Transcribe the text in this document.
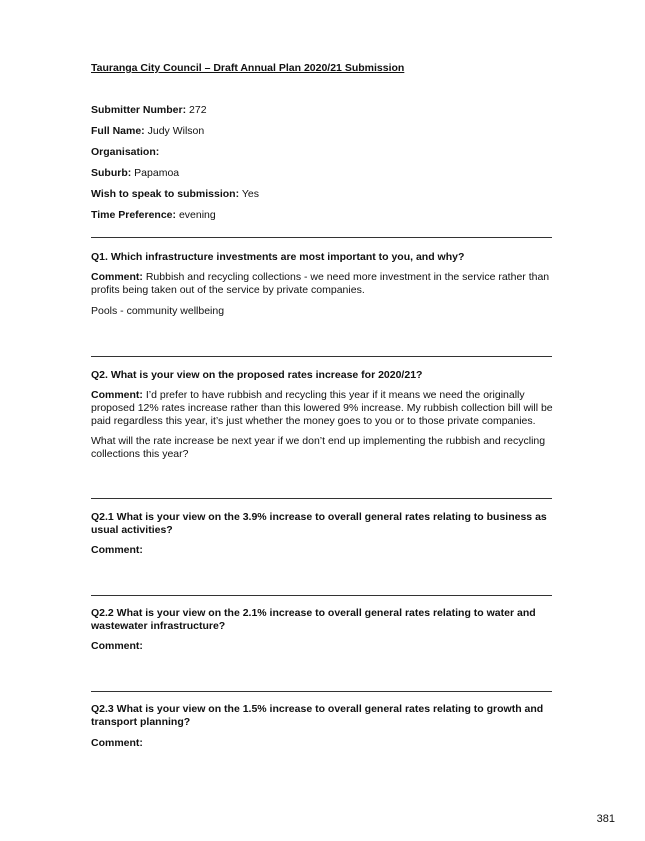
Tauranga City Council – Draft Annual Plan 2020/21 Submission
Submitter Number: 272
Full Name: Judy Wilson
Organisation:
Suburb: Papamoa
Wish to speak to submission: Yes
Time Preference: evening
Q1. Which infrastructure investments are most important to you, and why?
Comment: Rubbish and recycling collections - we need more investment in the service rather than profits being taken out of the service by private companies.
Pools - community wellbeing
Q2. What is your view on the proposed rates increase for 2020/21?
Comment: I’d prefer to have rubbish and recycling this year if it means we need the originally proposed 12% rates increase rather than this lowered 9% increase. My rubbish collection bill will be paid regardless this year, it’s just whether the money goes to you or to those private companies.
What will the rate increase be next year if we don’t end up implementing the rubbish and recycling collections this year?
Q2.1 What is your view on the 3.9% increase to overall general rates relating to business as usual activities?
Comment:
Q2.2 What is your view on the 2.1% increase to overall general rates relating to water and wastewater infrastructure?
Comment:
Q2.3 What is your view on the 1.5% increase to overall general rates relating to growth and transport planning?
Comment:
381
